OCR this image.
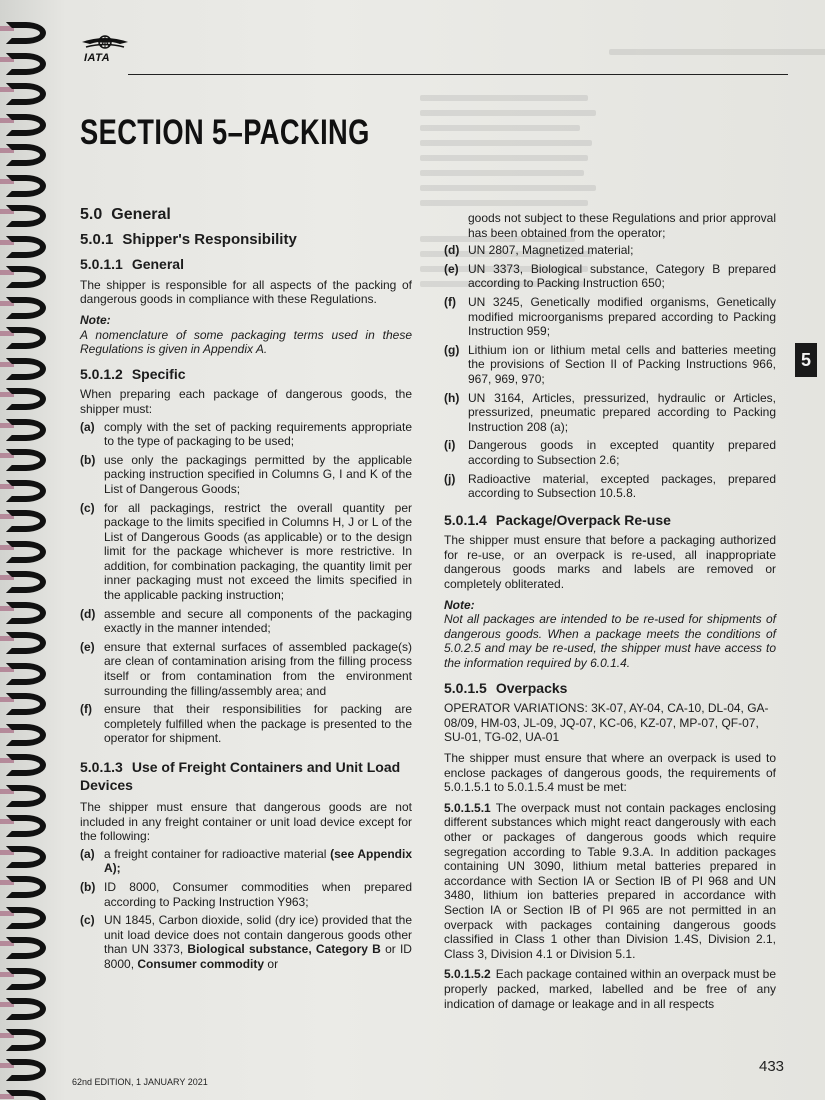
IATA
SECTION 5–PACKING
5
5.0 General
5.0.1 Shipper's Responsibility
5.0.1.1 General

The shipper is responsible for all aspects of the packing of dangerous goods in compliance with these Regulations.

Note:
A nomenclature of some packaging terms used in these Regulations is given in Appendix A.
5.0.1.2 Specific

When preparing each package of dangerous goods, the shipper must:

(a) comply with the set of packing requirements appropriate to the type of packaging to be used;
(b) use only the packagings permitted by the applicable packing instruction specified in Columns G, I and K of the List of Dangerous Goods;
(c) for all packagings, restrict the overall quantity per package to the limits specified in Columns H, J or L of the List of Dangerous Goods (as applicable) or to the design limit for the package whichever is more restrictive. In addition, for combination packaging, the quantity limit per inner packaging must not exceed the limits specified in the applicable packing instruction;
(d) assemble and secure all components of the packaging exactly in the manner intended;
(e) ensure that external surfaces of assembled package(s) are clean of contamination arising from the filling process itself or from contamination from the environment surrounding the filling/assembly area; and
(f)	ensure that their responsibilities for packing are completely fulfilled when the package is presented to the operator for shipment.
5.0.1.3 Use of Freight Containers and Unit Load Devices

The shipper must ensure that dangerous goods are not included in any freight container or unit load device except for the following:

(a) a freight container for radioactive material (see Appendix A);
(b) ID 8000, Consumer commodities when prepared according to Packing Instruction Y963;
(c) UN 1845, Carbon dioxide, solid (dry ice) provided that the unit load device does not contain dangerous goods other than UN 3373, Biological substance, Category B or ID 8000, Consumer commodity or
goods not subject to these Regulations and prior approval has been obtained from the operator;
(d) UN 2807, Magnetized material;
(e) UN 3373, Biological substance, Category B prepared according to Packing Instruction 650;
(f)	UN 3245, Genetically modified organisms, Genetically modified microorganisms prepared according to Packing Instruction 959;
(g) Lithium ion or lithium metal cells and batteries meeting the provisions of Section II of Packing Instructions 966, 967, 969, 970;
(h) UN 3164, Articles, pressurized, hydraulic or Articles, pressurized, pneumatic prepared according to Packing Instruction 208 (a);
(i)	Dangerous goods in excepted quantity prepared according to Subsection 2.6;
(j)	Radioactive material, excepted packages, prepared according to Subsection 10.5.8.
5.0.1.4 Package/Overpack Re-use

The shipper must ensure that before a packaging authorized for re-use, or an overpack is re-used, all inappropriate dangerous goods marks and labels are removed or completely obliterated.

Note:
Not all packages are intended to be re-used for shipments of dangerous goods. When a package meets the conditions of 5.0.2.5 and may be re-used, the shipper must have access to the information required by 6.0.1.4.
5.0.1.5 Overpacks

OPERATOR VARIATIONS: 3K-07, AY-04, CA-10, DL-04, GA-08/09, HM-03, JL-09, JQ-07, KC-06, KZ-07, MP-07, QF-07, SU-01, TG-02, UA-01

The shipper must ensure that where an overpack is used to enclose packages of dangerous goods, the requirements of 5.0.1.5.1 to 5.0.1.5.4 must be met:

5.0.1.5.1 The overpack must not contain packages enclosing different substances which might react dangerously with each other or packages of dangerous goods which require segregation according to Table 9.3.A. In addition packages containing UN 3090, lithium metal batteries prepared in accordance with Section IA or Section IB of PI 968 and UN 3480, lithium ion batteries prepared in accordance with Section IA or Section IB of PI 965 are not permitted in an overpack with packages containing dangerous goods classified in Class 1 other than Division 1.4S, Division 2.1, Class 3, Division 4.1 or Division 5.1.

5.0.1.5.2 Each package contained within an overpack must be properly packed, marked, labelled and be free of any indication of damage or leakage and in all respects

62nd EDITION, 1 JANUARY 2021
433
